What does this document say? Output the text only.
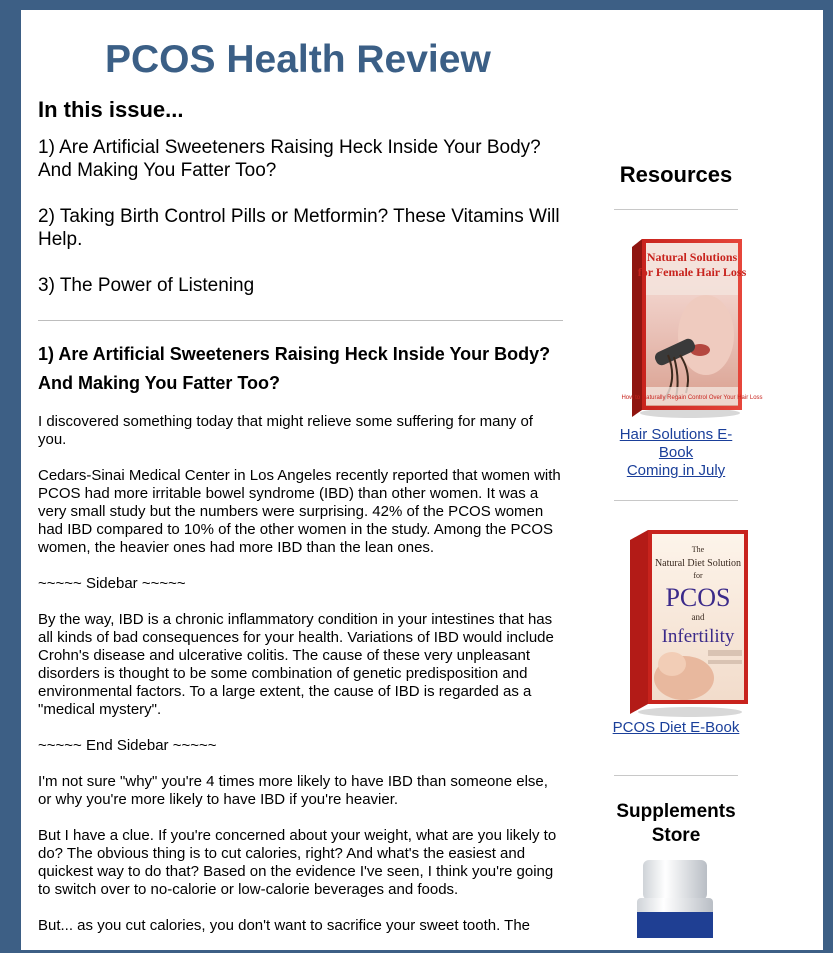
PCOS Health Review
In this issue...
1) Are Artificial Sweeteners Raising Heck Inside Your Body? And Making You Fatter Too?
2) Taking Birth Control Pills or Metformin? These Vitamins Will Help.
3) The Power of Listening
1) Are Artificial Sweeteners Raising Heck Inside Your Body? And Making You Fatter Too?

I discovered something today that might relieve some suffering for many of you.

Cedars-Sinai Medical Center in Los Angeles recently reported that women with PCOS had more irritable bowel syndrome (IBD) than other women. It was a very small study but the numbers were surprising. 42% of the PCOS women had IBD compared to 10% of the other women in the study. Among the PCOS women, the heavier ones had more IBD than the lean ones.

~~~~~ Sidebar ~~~~~

By the way, IBD is a chronic inflammatory condition in your intestines that has all kinds of bad consequences for your health. Variations of IBD would include Crohn's disease and ulcerative colitis. The cause of these very unpleasant disorders is thought to be some combination of genetic predisposition and environmental factors. To a large extent, the cause of IBD is regarded as a "medical mystery".

~~~~~ End Sidebar ~~~~~

I'm not sure "why" you're 4 times more likely to have IBD than someone else, or why you're more likely to have IBD if you're heavier.

But I have a clue. If you're concerned about your weight, what are you likely to do? The obvious thing is to cut calories, right? And what's the easiest and quickest way to do that? Based on the evidence I've seen, I think you're going to switch over to no-calorie or low-calorie beverages and foods.

But... as you cut calories, you don't want to sacrifice your sweet tooth. The

Resources
Natural Solutions for Female Hair Loss
How to Naturally Regain Control Over Your Hair Loss
Hair Solutions E-Book
Coming in July
The
Natural Diet Solution
for
PCOS
and
Infertility
PCOS Diet E-Book
Supplements
Store
